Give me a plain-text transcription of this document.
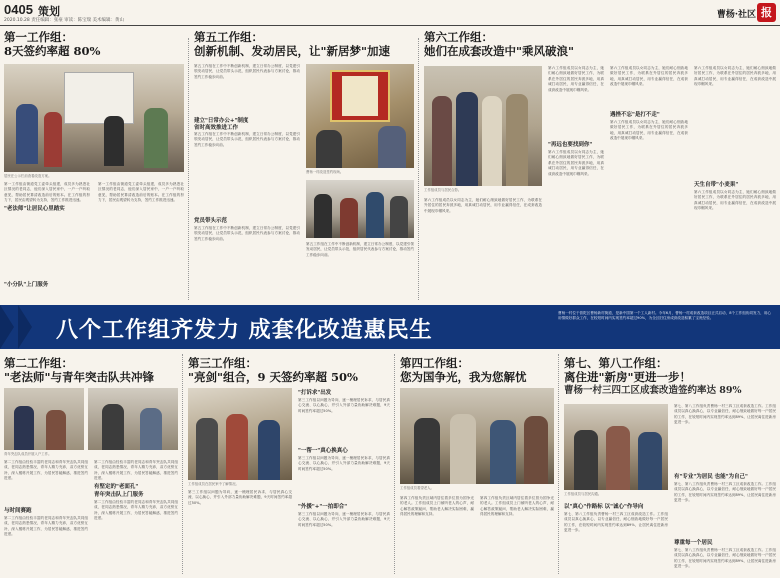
0405 策划
2020.10.28 责任编辑：张豪 审读：陈宝瑞 美术编辑：黄山
曹杨·社区 报
第一工作组：
8天签约率超 80%
居民在公示栏前查看改造方案。
第一工作组由街道党工委牵头组建，成员多为熟悉社区情况的老同志，他们深入居民家中，一户一户听取意见，帮助居民算清改造前后的账本。在工作组的努力下，居民由观望转为支持，签约工作推进迅速。
"老法师"让居民心里踏实
第一工作组由街道党工委牵头组建，成员多为熟悉社区情况的老同志，他们深入居民家中，一户一户听取意见，帮助居民算清改造前后的账本。在工作组的努力下，居民由观望转为支持，签约工作推进迅速。
"小分队"上门服务
第五工作组：
创新机制、发动居民，让"新居梦"加速
第五工作组在工作中不断创新机制，建立日常办公制度，以党建引领发动居民，让党员带头示范，组织居民代表参与方案讨论，推动签约工作稳步向前。
建立"日常办公+"制度
省时高效推进工作
第五工作组在工作中不断创新机制，建立日常办公制度，以党建引领发动居民，让党员带头示范，组织居民代表参与方案讨论，推动签约工作稳步向前。
党员带头示范
第五工作组在工作中不断创新机制，建立日常办公制度，以党建引领发动居民，让党员带头示范，组织居民代表参与方案讨论，推动签约工作稳步向前。
曹杨一村改造签约现场。
第五工作组在工作中不断创新机制，建立日常办公制度，以党建引领发动居民，让党员带头示范，组织居民代表参与方案讨论，推动签约工作稳步向前。
第六工作组：
她们在成套改造中"乘风破浪"
工作组成员与居民合影。
第六工作组成员以女同志为主，她们耐心细致地做好居民工作，为联系在外居住的居民奔波多地，用真诚打动居民，用专业赢得信任，在成套改造中展现巾帼风采。
第六工作组成员以女同志为主，她们耐心细致地做好居民工作，为联系在外居住的居民奔波多地，用真诚打动居民，用专业赢得信任，在成套改造中展现巾帼风采。
"再远也要找到你"
第六工作组成员以女同志为主，她们耐心细致地做好居民工作，为联系在外居住的居民奔波多地，用真诚打动居民，用专业赢得信任，在成套改造中展现巾帼风采。
遇挫不忘"是打不走"
第六工作组成员以女同志为主，她们耐心细致地做好居民工作，为联系在外居住的居民奔波多地，用真诚打动居民，用专业赢得信任，在成套改造中展现巾帼风采。
第六工作组成员以女同志为主，她们耐心细致地做好居民工作，为联系在外居住的居民奔波多地，用真诚打动居民，用专业赢得信任，在成套改造中展现巾帼风采。
天生自带"小麦果"
第六工作组成员以女同志为主，她们耐心细致地做好居民工作，为联系在外居住的居民奔波多地，用真诚打动居民，用专业赢得信任，在成套改造中展现巾帼风采。
第六工作组成员以女同志为主，她们耐心细致地做好居民工作，为联系在外居住的居民奔波多地，用真诚打动居民，用专业赢得信任，在成套改造中展现巾帼风采。
八个工作组齐发力 成套化改造惠民生
曹杨一村位于普陀区曹杨新村街道，是新中国第一个工人新村。今年6月，曹杨一村成套改造项目正式启动，8个工作组协同发力，用心用情做好群众工作，在较短时间内实现签约率超过90%，为全区旧住房成套改造积累了宝贵经验。
第二工作组：
"老法师"与青年突击队共冲锋
青年突击队成员开展入户工作。
第二工作组由经验丰富的老同志和青年突击队共同组成，老同志熟悉情况，青年人精力充沛，双方优势互补，深入楼栋开展工作，为居民答疑解惑，推进签约进度。
与时间赛跑
第二工作组由经验丰富的老同志和青年突击队共同组成，老同志熟悉情况，青年人精力充沛，双方优势互补，深入楼栋开展工作，为居民答疑解惑，推进签约进度。
第二工作组由经验丰富的老同志和青年突击队共同组成，老同志熟悉情况，青年人精力充沛，双方优势互补，深入楼栋开展工作，为居民答疑解惑，推进签约进度。
有堅定的"老面孔"
青年突击队上门服务
第二工作组由经验丰富的老同志和青年突击队共同组成，老同志熟悉情况，青年人精力充沛，双方优势互补，深入楼栋开展工作，为居民答疑解惑，推进签约进度。
第三工作组：
"亮剑"组合，9 天签约率超 50%
工作组成员在居民家中了解情况。
第三工作组以问题为导向，逐一梳理居民诉求，与居民真心交流、以心换心，并引入外部力量协助解决难题，9天时间签约率超过50%。
"打诉求"出发
第三工作组以问题为导向，逐一梳理居民诉求，与居民真心交流、以心换心，并引入外部力量协助解决难题，9天时间签约率超过50%。
"一帮一"真心换真心
第三工作组以问题为导向，逐一梳理居民诉求，与居民真心交流、以心换心，并引入外部力量协助解决难题，9天时间签约率超过50%。
"外援"+"一拍即合"
第三工作组以问题为导向，逐一梳理居民诉求，与居民真心交流、以心换心，并引入外部力量协助解决难题，9天时间签约率超过50%。
第四工作组：
您为国争光，我为您解忧
工作组成员看望老人。
第四工作组负责区域内居住着多位曾为国争光的老人。工作组成员上门倾听老人的心声，耐心解答政策疑问，帮助老人解决实际困难，赢得居民的理解和支持。
第四工作组负责区域内居住着多位曾为国争光的老人。工作组成员上门倾听老人的心声，耐心解答政策疑问，帮助老人解决实际困难，赢得居民的理解和支持。
第七、第八工作组：
离住进"新房"更进一步！
曹杨一村三四工区成套改造签约率达 89%
工作组成员与居民沟通。
以"真心"作路标 以"诚心"作导向
第七、第八工作组负责曹杨一村三四工区成套改造工作。工作组成员以真心换真心，以专业赢信任，耐心细致地做好每一户居民的工作，在较短时间内实现签约率达到89%，让居民离住进新房更进一步。
第七、第八工作组负责曹杨一村三四工区成套改造工作。工作组成员以真心换真心，以专业赢信任，耐心细致地做好每一户居民的工作，在较短时间内实现签约率达到89%，让居民离住进新房更进一步。
有"专业"为居民 也能"为自己"
第七、第八工作组负责曹杨一村三四工区成套改造工作。工作组成员以真心换真心，以专业赢信任，耐心细致地做好每一户居民的工作，在较短时间内实现签约率达到89%，让居民离住进新房更进一步。
尊重每一个居民
第七、第八工作组负责曹杨一村三四工区成套改造工作。工作组成员以真心换真心，以专业赢信任，耐心细致地做好每一户居民的工作，在较短时间内实现签约率达到89%，让居民离住进新房更进一步。
